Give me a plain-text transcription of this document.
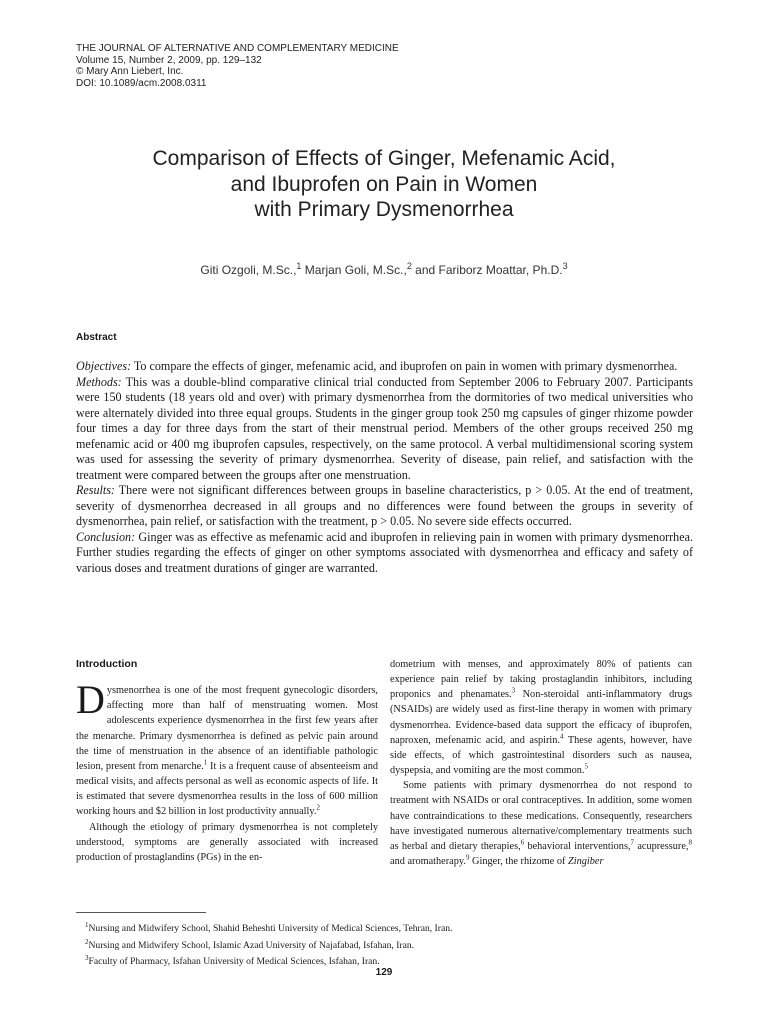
THE JOURNAL OF ALTERNATIVE AND COMPLEMENTARY MEDICINE
Volume 15, Number 2, 2009, pp. 129–132
© Mary Ann Liebert, Inc.
DOI: 10.1089/acm.2008.0311
Comparison of Effects of Ginger, Mefenamic Acid,
and Ibuprofen on Pain in Women
with Primary Dysmenorrhea
Giti Ozgoli, M.Sc.,$^1$ Marjan Goli, M.Sc.,$^2$ and Fariborz Moattar, Ph.D.$^3$
Abstract

Objectives: To compare the effects of ginger, mefenamic acid, and ibuprofen on pain in women with primary dysmenorrhea.

Methods: This was a double-blind comparative clinical trial conducted from September 2006 to February 2007. Participants were 150 students (18 years old and over) with primary dysmenorrhea from the dormitories of two medical universities who were alternately divided into three equal groups. Students in the ginger group took 250 mg capsules of ginger rhizome powder four times a day for three days from the start of their menstrual period. Members of the other groups received 250 mg mefenamic acid or 400 mg ibuprofen capsules, respectively, on the same protocol. A verbal multidimensional scoring system was used for assessing the severity of primary dysmenorrhea. Severity of disease, pain relief, and satisfaction with the treatment were compared between the groups after one menstruation.

Results: There were not significant differences between groups in baseline characteristics, p > 0.05. At the end of treatment, severity of dysmenorrhea decreased in all groups and no differences were found between the groups in severity of dysmenorrhea, pain relief, or satisfaction with the treatment, p > 0.05. No severe side effects occurred.

Conclusion: Ginger was as effective as mefenamic acid and ibuprofen in relieving pain in women with primary dysmenorrhea. Further studies regarding the effects of ginger on other symptoms associated with dysmenorrhea and efficacy and safety of various doses and treatment durations of ginger are warranted.

Introduction

Dysmenorrhea is one of the most frequent gynecologic disorders, affecting more than half of menstruating women. Most adolescents experience dysmenorrhea in the first few years after the menarche. Primary dysmenorrhea is defined as pelvic pain around the time of menstruation in the absence of an identifiable pathologic lesion, present from menarche.$^1$ It is a frequent cause of absenteeism and medical visits, and affects personal as well as economic aspects of life. It is estimated that severe dysmenorrhea results in the loss of 600 million working hours and $2 billion in lost productivity annually.$^2$

Although the etiology of primary dysmenorrhea is not completely understood, symptoms are generally associated with increased production of prostaglandins (PGs) in the en-

dometrium with menses, and approximately 80% of patients can experience pain relief by taking prostaglandin inhibitors, including proponics and phenamates.$^3$ Non-steroidal anti-inflammatory drugs (NSAIDs) are widely used as first-line therapy in women with primary dysmenorrhea. Evidence-based data support the efficacy of ibuprofen, naproxen, mefenamic acid, and aspirin.$^4$ These agents, however, have side effects, of which gastrointestinal disorders such as nausea, dyspepsia, and vomiting are the most common.$^5$

Some patients with primary dysmenorrhea do not respond to treatment with NSAIDs or oral contraceptives. In addition, some women have contraindications to these medications. Consequently, researchers have investigated numerous alternative/complementary treatments such as herbal and dietary therapies,$^6$ behavioral interventions,$^7$ acupressure,$^8$ and aromatherapy.$^9$ Ginger, the rhizome of Zingiber

$^1$Nursing and Midwifery School, Shahid Beheshti University of Medical Sciences, Tehran, Iran.
$^2$Nursing and Midwifery School, Islamic Azad University of Najafabad, Isfahan, Iran.
$^3$Faculty of Pharmacy, Isfahan University of Medical Sciences, Isfahan, Iran.
129
